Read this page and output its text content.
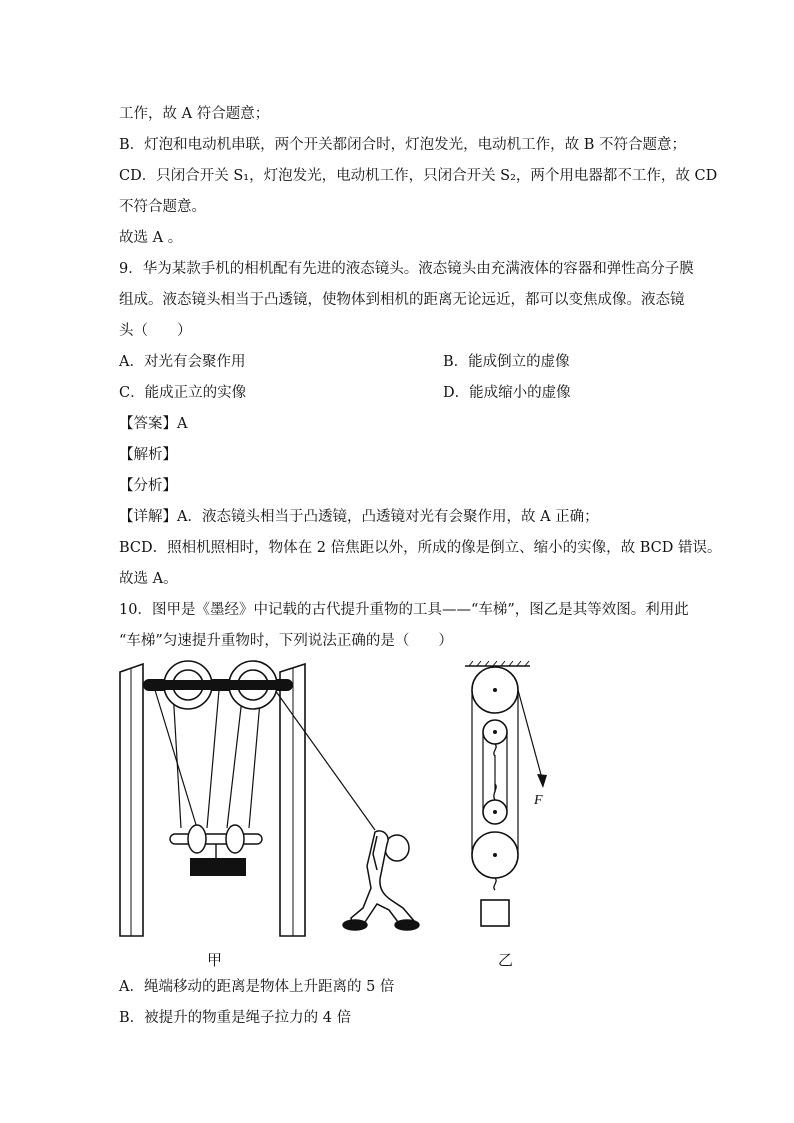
工作，故 A 符合题意；
B．灯泡和电动机串联，两个开关都闭合时，灯泡发光，电动机工作，故 B 不符合题意；
CD．只闭合开关 S₁，灯泡发光，电动机工作，只闭合开关 S₂，两个用电器都不工作，故 CD
不符合题意。
故选 A 。
9．华为某款手机的相机配有先进的液态镜头。液态镜头由充满液体的容器和弹性高分子膜
组成。液态镜头相当于凸透镜，使物体到相机的距离无论远近，都可以变焦成像。液态镜
头（　　）
A．对光有会聚作用	B．能成倒立的虚像
C．能成正立的实像	D．能成缩小的虚像
【答案】A
【解析】
【分析】
【详解】A．液态镜头相当于凸透镜，凸透镜对光有会聚作用，故 A 正确；
BCD．照相机照相时，物体在 2 倍焦距以外，所成的像是倒立、缩小的实像，故 BCD 错误。
故选 A。
10．图甲是《墨经》中记载的古代提升重物的工具——“车梯”，图乙是其等效图。利用此
“车梯”匀速提升重物时，下列说法正确的是（　　）
F
甲	乙
A．绳端移动的距离是物体上升距离的 5 倍
B．被提升的物重是绳子拉力的 4 倍
